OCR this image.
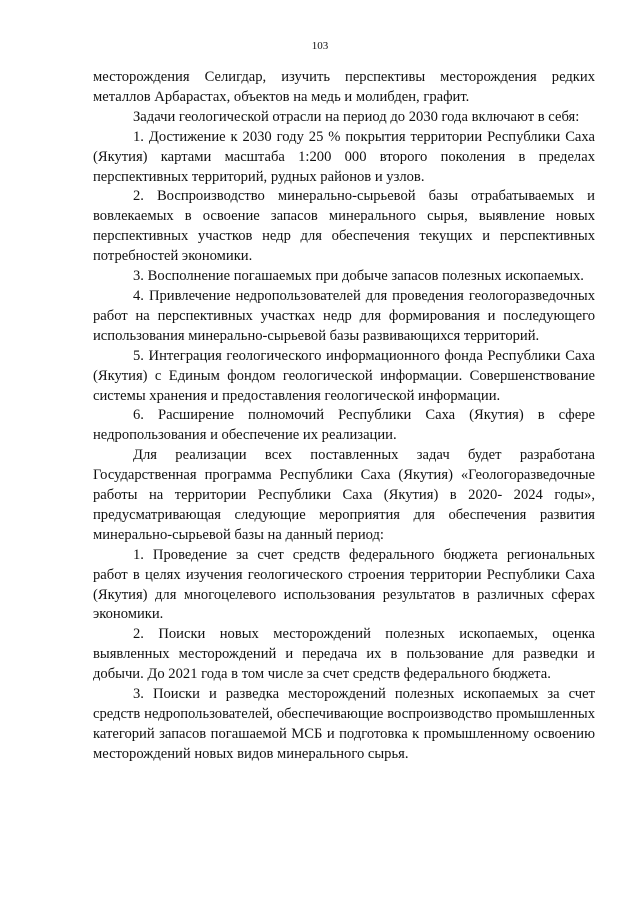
103

месторождения Селигдар, изучить перспективы месторождения редких металлов Арбарастах, объектов на медь и молибден, графит.

Задачи геологической отрасли на период до 2030 года включают в себя:

1. Достижение к 2030 году 25 % покрытия территории Республики Саха (Якутия) картами масштаба 1:200 000 второго поколения в пределах перспективных территорий, рудных районов и узлов.

2. Воспроизводство минерально-сырьевой базы отрабатываемых и вовлекаемых в освоение запасов минерального сырья, выявление новых перспективных участков недр для обеспечения текущих и перспективных потребностей экономики.

3. Восполнение погашаемых при добыче запасов полезных ископаемых.

4. Привлечение недропользователей для проведения геологоразведочных работ на перспективных участках недр для формирования и последующего использования минерально-сырьевой базы развивающихся территорий.

5. Интеграция геологического информационного фонда Республики Саха (Якутия) с Единым фондом геологической информации. Совершенствование системы хранения и предоставления геологической информации.

6. Расширение полномочий Республики Саха (Якутия) в сфере недропользования и обеспечение их реализации.

Для реализации всех поставленных задач будет разработана Государственная программа Республики Саха (Якутия) «Геологоразведочные работы на территории Республики Саха (Якутия) в 2020- 2024 годы», предусматривающая следующие мероприятия для обеспечения развития минерально-сырьевой базы на данный период:

1. Проведение за счет средств федерального бюджета региональных работ в целях изучения геологического строения территории Республики Саха (Якутия) для многоцелевого использования результатов в различных сферах экономики.

2. Поиски новых месторождений полезных ископаемых, оценка выявленных месторождений и передача их в пользование для разведки и добычи. До 2021 года в том числе за счет средств федерального бюджета.

3. Поиски и разведка месторождений полезных ископаемых за счет средств недропользователей, обеспечивающие воспроизводство промышленных категорий запасов погашаемой МСБ и подготовка к промышленному освоению месторождений новых видов минерального сырья.
